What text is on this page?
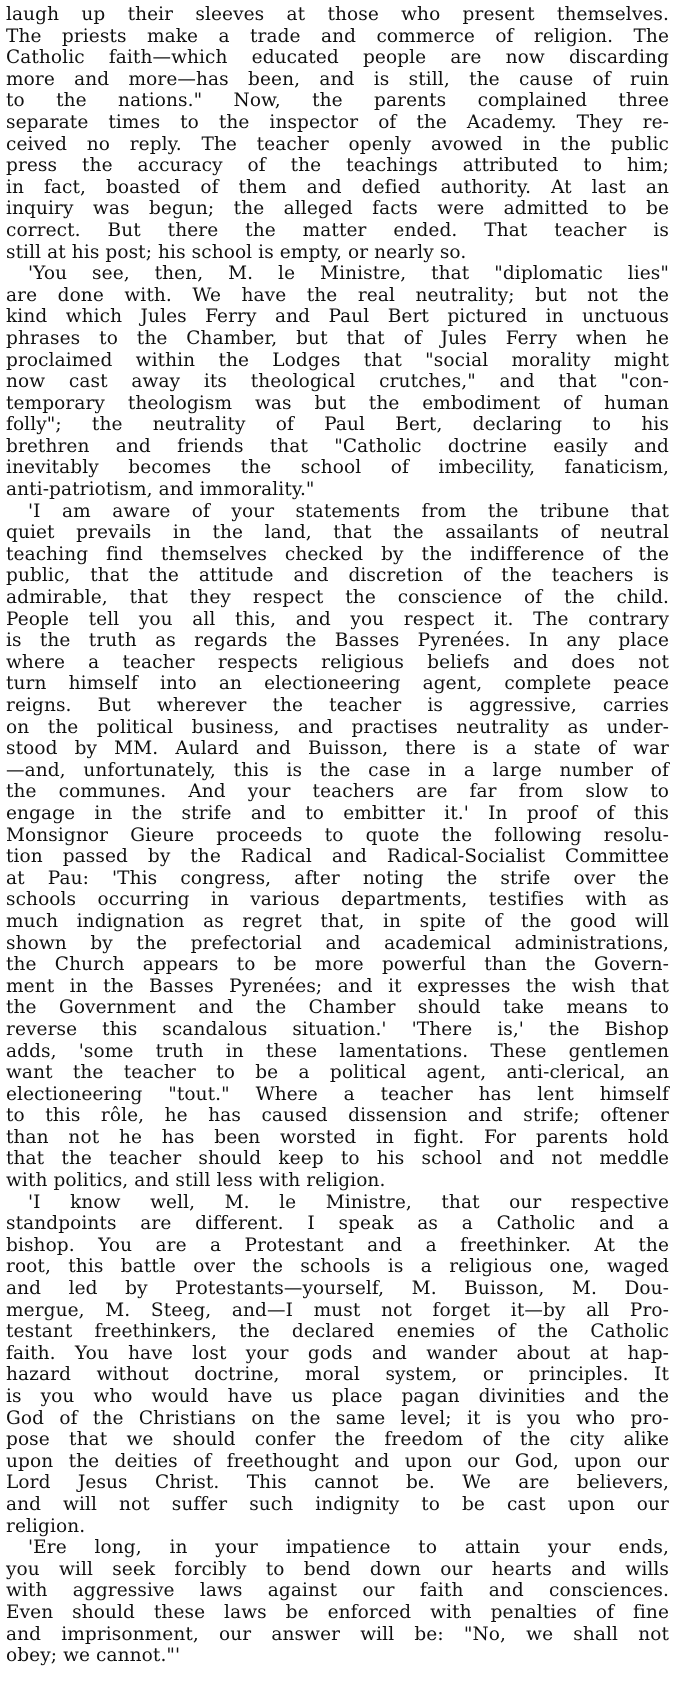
laugh up their sleeves at those who present themselves.
The priests make a trade and commerce of religion. The
Catholic faith—which educated people are now discarding
more and more—has been, and is still, the cause of ruin
to the nations." Now, the parents complained three
separate times to the inspector of the Academy. They re-
ceived no reply. The teacher openly avowed in the public
press the accuracy of the teachings attributed to him;
in fact, boasted of them and defied authority. At last an
inquiry was begun; the alleged facts were admitted to be
correct. But there the matter ended. That teacher is
still at his post; his school is empty, or nearly so.

'You see, then, M. le Ministre, that "diplomatic lies"
are done with. We have the real neutrality; but not the
kind which Jules Ferry and Paul Bert pictured in unctuous
phrases to the Chamber, but that of Jules Ferry when he
proclaimed within the Lodges that "social morality might
now cast away its theological crutches," and that "con-
temporary theologism was but the embodiment of human
folly"; the neutrality of Paul Bert, declaring to his
brethren and friends that "Catholic doctrine easily and
inevitably becomes the school of imbecility, fanaticism,
anti-patriotism, and immorality."

'I am aware of your statements from the tribune that
quiet prevails in the land, that the assailants of neutral
teaching find themselves checked by the indifference of the
public, that the attitude and discretion of the teachers is
admirable, that they respect the conscience of the child.
People tell you all this, and you respect it. The contrary
is the truth as regards the Basses Pyrenées. In any place
where a teacher respects religious beliefs and does not
turn himself into an electioneering agent, complete peace
reigns. But wherever the teacher is aggressive, carries
on the political business, and practises neutrality as under-
stood by MM. Aulard and Buisson, there is a state of war
—and, unfortunately, this is the case in a large number of
the communes. And your teachers are far from slow to
engage in the strife and to embitter it.' In proof of this
Monsignor Gieure proceeds to quote the following resolu-
tion passed by the Radical and Radical-Socialist Committee
at Pau: 'This congress, after noting the strife over the
schools occurring in various departments, testifies with as
much indignation as regret that, in spite of the good will
shown by the prefectorial and academical administrations,
the Church appears to be more powerful than the Govern-
ment in the Basses Pyrenées; and it expresses the wish that
the Government and the Chamber should take means to
reverse this scandalous situation.' 'There is,' the Bishop
adds, 'some truth in these lamentations. These gentlemen
want the teacher to be a political agent, anti-clerical, an
electioneering "tout." Where a teacher has lent himself
to this rôle, he has caused dissension and strife; oftener
than not he has been worsted in fight. For parents hold
that the teacher should keep to his school and not meddle
with politics, and still less with religion.

'I know well, M. le Ministre, that our respective
standpoints are different. I speak as a Catholic and a
bishop. You are a Protestant and a freethinker. At the
root, this battle over the schools is a religious one, waged
and led by Protestants—yourself, M. Buisson, M. Dou-
mergue, M. Steeg, and—I must not forget it—by all Pro-
testant freethinkers, the declared enemies of the Catholic
faith. You have lost your gods and wander about at hap-
hazard without doctrine, moral system, or principles. It
is you who would have us place pagan divinities and the
God of the Christians on the same level; it is you who pro-
pose that we should confer the freedom of the city alike
upon the deities of freethought and upon our God, upon our
Lord Jesus Christ. This cannot be. We are believers,
and will not suffer such indignity to be cast upon our
religion.

'Ere long, in your impatience to attain your ends,
you will seek forcibly to bend down our hearts and wills
with aggressive laws against our faith and consciences.
Even should these laws be enforced with penalties of fine
and imprisonment, our answer will be: "No, we shall not
obey; we cannot."'
